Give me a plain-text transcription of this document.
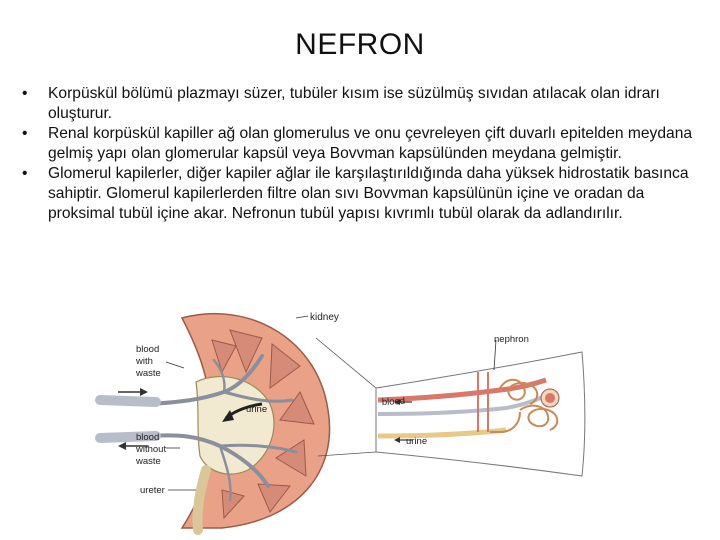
NEFRON
• Korpüskül bölümü plazmayı süzer, tubüler kısım ise süzülmüş sıvıdan atılacak olan idrarı oluşturur.
• Renal korpüskül kapiller ağ olan glomerulus ve onu çevreleyen çift duvarlı epitelden meydana gelmiş yapı olan glomerular kapsül veya Bovvman kapsülünden meydana gelmiştir.
• Glomerul kapilerler, diğer kapiler ağlar ile karşılaştırıldığında daha yüksek hidrostatik basınca sahiptir. Glomerul kapilerlerden filtre olan sıvı Bovvman kapsülünün içine ve oradan da proksimal tubül içine akar. Nefronun tubül yapısı kıvrımlı tubül olarak da adlandırılır.
kidney
blood with waste
blood without waste
ureter
urine
nephron
blood
urine
